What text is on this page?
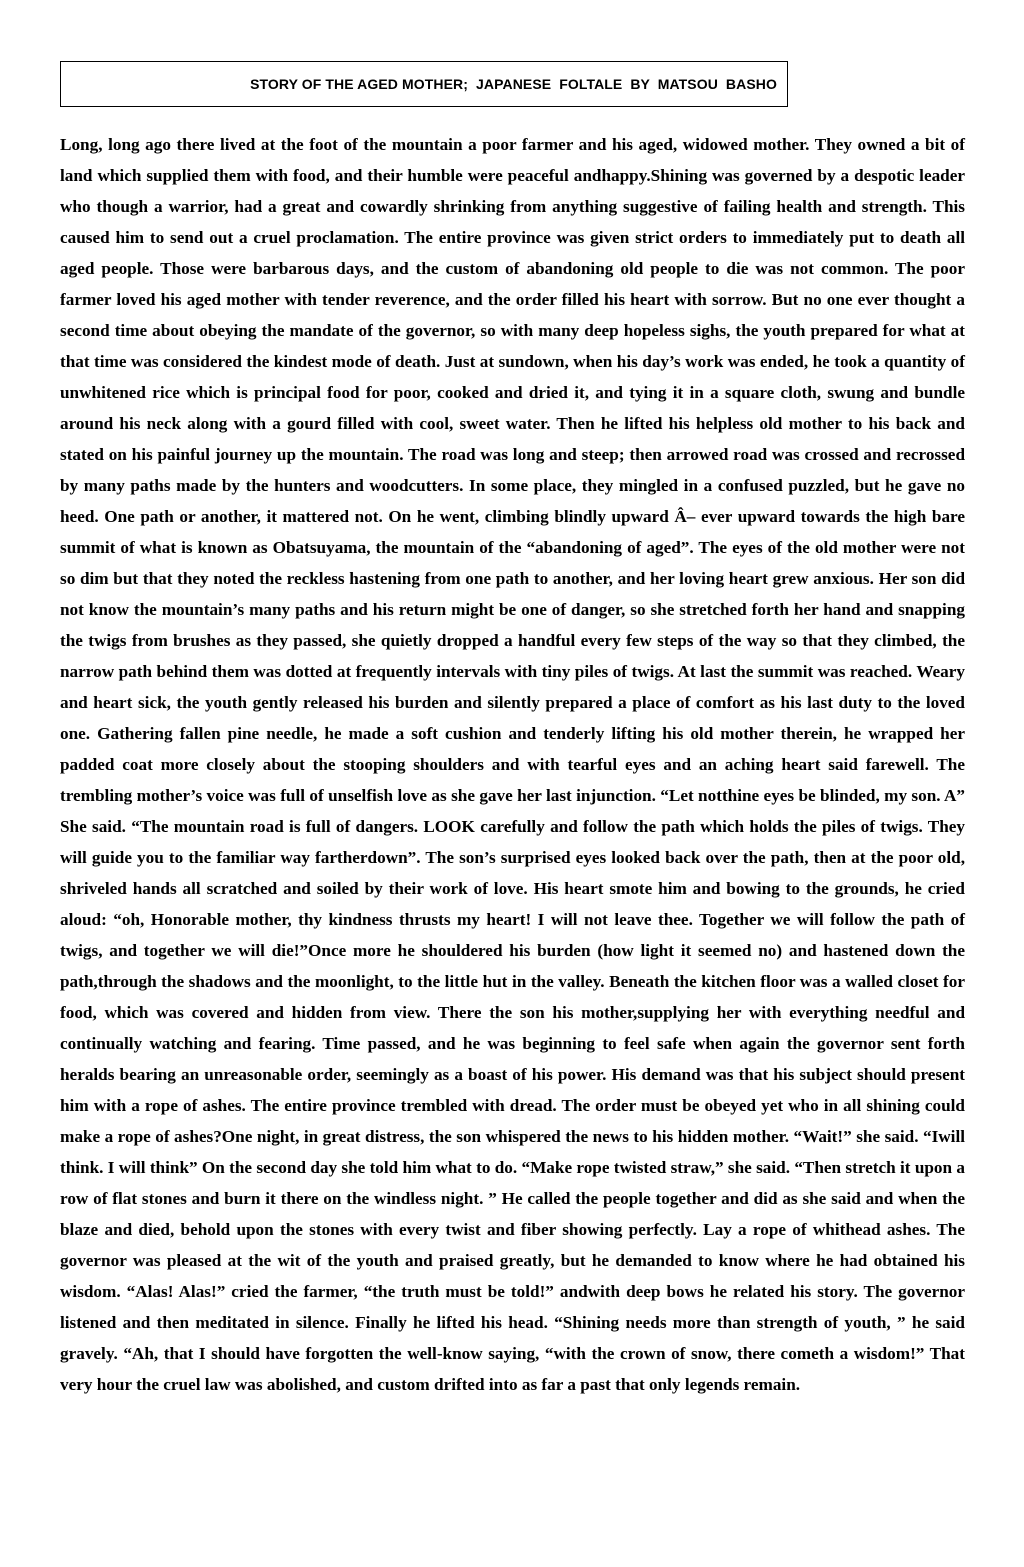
STORY OF THE AGED MOTHER;  JAPANESE  FOLTALE  BY  MATSOU  BASHO

Long, long ago there lived at the foot of the mountain a poor farmer and his aged, widowed mother. They owned a bit of land which supplied them with food, and their humble were peaceful andhappy.Shining was governed by a despotic leader who though a warrior, had a great and cowardly shrinking from anything suggestive of failing health and strength. This caused him to send out a cruel proclamation. The entire province was given strict orders to immediately put to death all aged people. Those were barbarous days, and the custom of abandoning old people to die was not common. The poor farmer loved his aged mother with tender reverence, and the order filled his heart with sorrow. But no one ever thought a second time about obeying the mandate of the governor, so with many deep hopeless sighs, the youth prepared for what at that time was considered the kindest mode of death. Just at sundown, when his day’s work was ended, he took a quantity of unwhitened rice which is principal food for poor, cooked and dried it, and tying it in a square cloth, swung and bundle around his neck along with a gourd filled with cool, sweet water. Then he lifted his helpless old mother to his back and stated on his painful journey up the mountain. The road was long and steep; then arrowed road was crossed and recrossed by many paths made by the hunters and woodcutters. In some place, they mingled in a confused puzzled, but he gave no heed. One path or another, it mattered not. On he went, climbing blindly upward Â– ever upward towards the high bare summit of what is known as Obatsuyama, the mountain of the “abandoning of aged”. The eyes of the old mother were not so dim but that they noted the reckless hastening from one path to another, and her loving heart grew anxious. Her son did not know the mountain’s many paths and his return might be one of danger, so she stretched forth her hand and snapping the twigs from brushes as they passed, she quietly dropped a handful every few steps of the way so that they climbed, the narrow path behind them was dotted at frequently intervals with tiny piles of twigs. At last the summit was reached. Weary and heart sick, the youth gently released his burden and silently prepared a place of comfort as his last duty to the loved one. Gathering fallen pine needle, he made a soft cushion and tenderly lifting his old mother therein, he wrapped her padded coat more closely about the stooping shoulders and with tearful eyes and an aching heart said farewell. The trembling mother’s voice was full of unselfish love as she gave her last injunction. “Let notthine eyes be blinded, my son. A” She said. “The mountain road is full of dangers. LOOK carefully and follow the path which holds the piles of twigs. They will guide you to the familiar way fartherdown”. The son’s surprised eyes looked back over the path, then at the poor old, shriveled hands all scratched and soiled by their work of love. His heart smote him and bowing to the grounds, he cried aloud: “oh, Honorable mother, thy kindness thrusts my heart! I will not leave thee. Together we will follow the path of twigs, and together we will die!”Once more he shouldered his burden (how light it seemed no) and hastened down the path,through the shadows and the moonlight, to the little hut in the valley. Beneath the kitchen floor was a walled closet for food, which was covered and hidden from view. There the son his mother,supplying her with everything needful and continually watching and fearing. Time passed, and he was beginning to feel safe when again the governor sent forth heralds bearing an unreasonable order, seemingly as a boast of his power. His demand was that his subject should present him with a rope of ashes. The entire province trembled with dread. The order must be obeyed yet who in all shining could make a rope of ashes?One night, in great distress, the son whispered the news to his hidden mother. “Wait!” she said. “Iwill think. I will think” On the second day she told him what to do. “Make rope twisted straw,” she said. “Then stretch it upon a row of flat stones and burn it there on the windless night. ” He called the people together and did as she said and when the blaze and died, behold upon the stones with every twist and fiber showing perfectly. Lay a rope of whithead ashes. The governor was pleased at the wit of the youth and praised greatly, but he demanded to know where he had obtained his wisdom. “Alas! Alas!” cried the farmer, “the truth must be told!” andwith deep bows he related his story. The governor listened and then meditated in silence. Finally he lifted his head. “Shining needs more than strength of youth, ” he said gravely. “Ah, that I should have forgotten the well-know saying, “with the crown of snow, there cometh a wisdom!” That very hour the cruel law was abolished, and custom drifted into as far a past that only legends remain.
